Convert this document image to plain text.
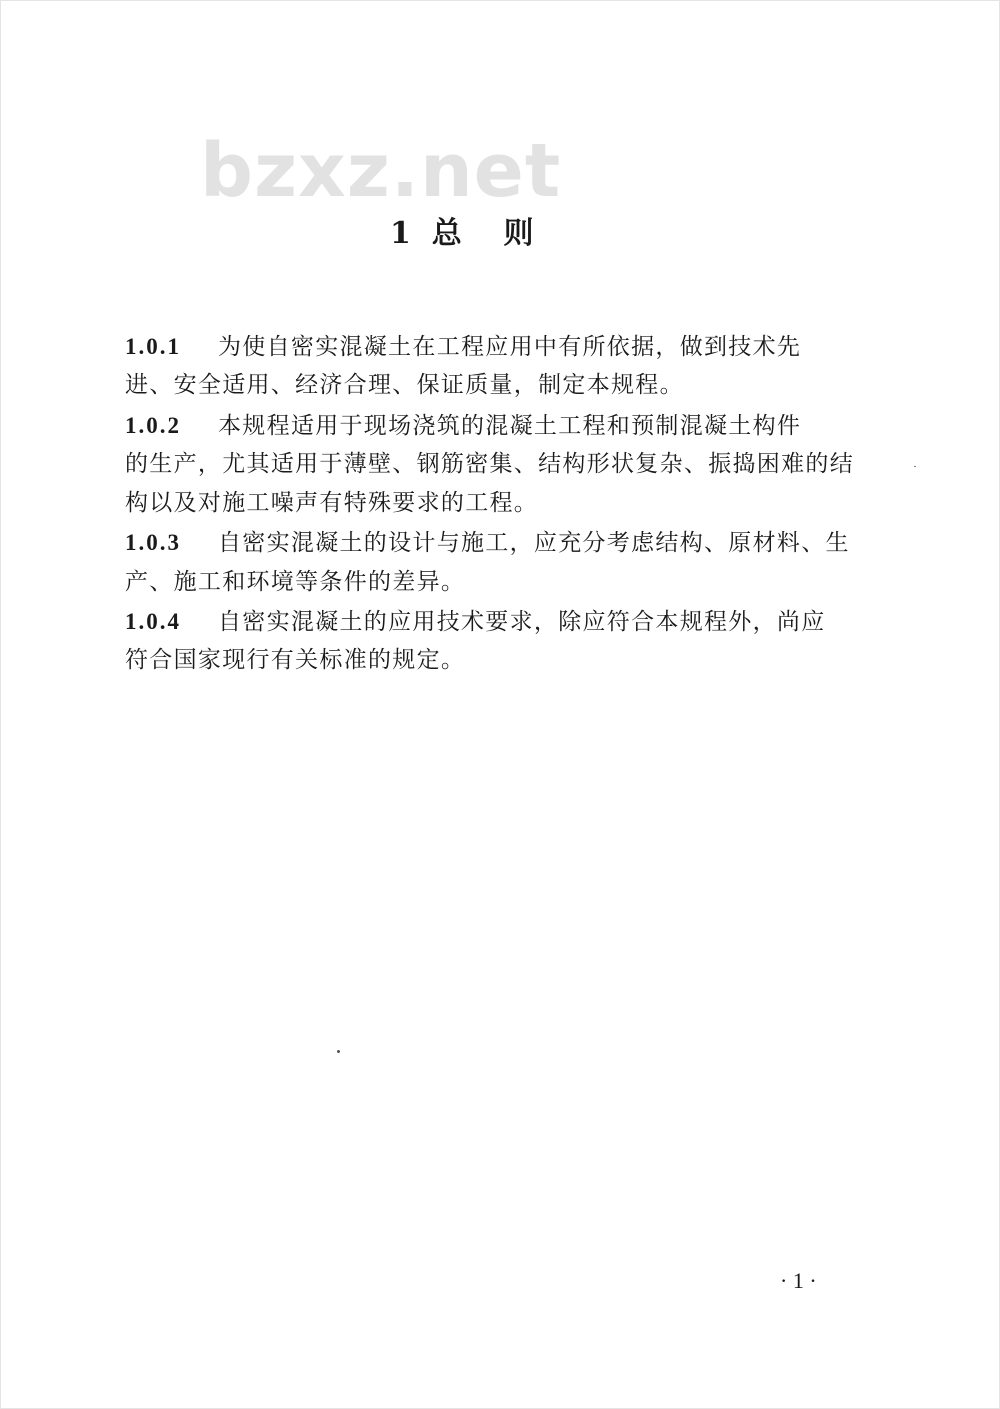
bzxz.net
1  总    则
1.0.1 为使自密实混凝土在工程应用中有所依据，做到技术先
进、安全适用、经济合理、保证质量，制定本规程。
1.0.2 本规程适用于现场浇筑的混凝土工程和预制混凝土构件
的生产，尤其适用于薄壁、钢筋密集、结构形状复杂、振捣困难的结
构以及对施工噪声有特殊要求的工程。
1.0.3 自密实混凝土的设计与施工，应充分考虑结构、原材料、生
产、施工和环境等条件的差异。
1.0.4 自密实混凝土的应用技术要求，除应符合本规程外，尚应
符合国家现行有关标准的规定。
· 1 ·
